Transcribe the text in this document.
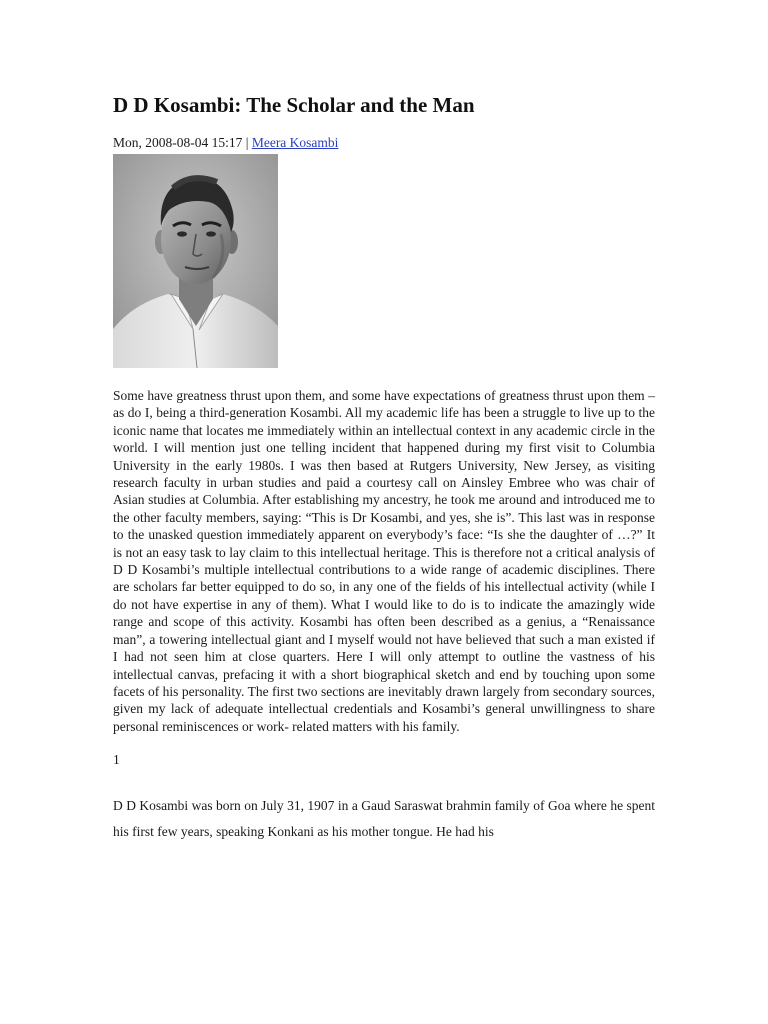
D D Kosambi: The Scholar and the Man
Mon, 2008-08-04 15:17 | Meera Kosambi

Some have greatness thrust upon them, and some have expectations of greatness thrust upon them – as do I, being a third-generation Kosambi. All my academic life has been a struggle to live up to the iconic name that locates me immediately within an intellectual context in any academic circle in the world. I will mention just one telling incident that happened during my first visit to Columbia University in the early 1980s. I was then based at Rutgers University, New Jersey, as visiting research faculty in urban studies and paid a courtesy call on Ainsley Embree who was chair of Asian studies at Columbia. After establishing my ancestry, he took me around and introduced me to the other faculty members, saying: “This is Dr Kosambi, and yes, she is”. This last was in response to the unasked question immediately apparent on everybody’s face: “Is she the daughter of …?” It is not an easy task to lay claim to this intellectual heritage. This is therefore not a critical analysis of D D Kosambi’s multiple intellectual contributions to a wide range of academic disciplines. There are scholars far better equipped to do so, in any one of the fields of his intellectual activity (while I do not have expertise in any of them). What I would like to do is to indicate the amazingly wide range and scope of this activity. Kosambi has often been described as a genius, a “Renaissance man”, a towering intellectual giant and I myself would not have believed that such a man existed if I had not seen him at close quarters. Here I will only attempt to outline the vastness of his intellectual canvas, prefacing it with a short biographical sketch and end by touching upon some facets of his personality. The first two sections are inevitably drawn largely from secondary sources, given my lack of adequate intellectual credentials and Kosambi’s general unwillingness to share personal reminiscences or work- related matters with his family.

1

D D Kosambi was born on July 31, 1907 in a Gaud Saraswat brahmin family of Goa where he spent his first few years, speaking Konkani as his mother tongue. He had his
